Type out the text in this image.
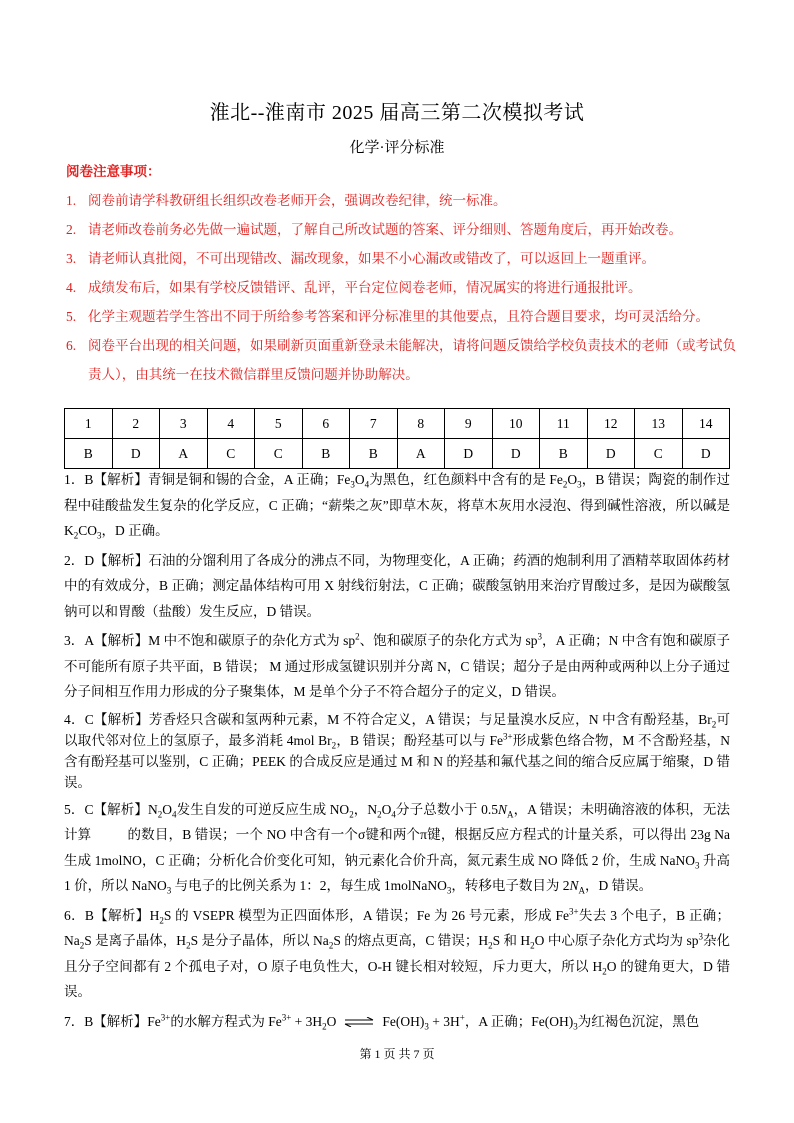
淮北--淮南市 2025 届高三第二次模拟考试
化学·评分标准
阅卷注意事项：
1. 阅卷前请学科教研组长组织改卷老师开会，强调改卷纪律，统一标准。
2. 请老师改卷前务必先做一遍试题，了解自己所改试题的答案、评分细则、答题角度后，再开始改卷。
3. 请老师认真批阅，不可出现错改、漏改现象，如果不小心漏改或错改了，可以返回上一题重评。
4. 成绩发布后，如果有学校反馈错评、乱评，平台定位阅卷老师，情况属实的将进行通报批评。
5. 化学主观题若学生答出不同于所给参考答案和评分标准里的其他要点，且符合题目要求，均可灵活给分。
6. 阅卷平台出现的相关问题，如果刷新页面重新登录未能解决，请将问题反馈给学校负责技术的老师（或考试负责人），由其统一在技术微信群里反馈问题并协助解决。
1	2	3	4	5	6	7	8	9	10	11	12	13	14
B	D	A	C	C	B	B	A	D	D	B	D	C	D

1．B【解析】青铜是铜和锡的合金，A 正确；$Fe_3O_4$为黑色，红色颜料中含有的是 $Fe_2O_3$，B 错误；陶瓷的制作过程中硅酸盐发生复杂的化学反应，C 正确；“薪柴之灰”即草木灰，将草木灰用水浸泡、得到碱性溶液，所以碱是 $K_2CO_3$，D 正确。

2．D【解析】石油的分馏利用了各成分的沸点不同，为物理变化，A 正确；药酒的炮制利用了酒精萃取固体药材中的有效成分，B 正确；测定晶体结构可用 X 射线衍射法，C 正确；碳酸氢钠用来治疗胃酸过多，是因为碳酸氢钠可以和胃酸（盐酸）发生反应，D 错误。

3．A【解析】M 中不饱和碳原子的杂化方式为 $sp^2$、饱和碳原子的杂化方式为 $sp^3$，A 正确；N 中含有饱和碳原子不可能所有原子共平面，B 错误； M 通过形成氢键识别并分离 N，C 错误；超分子是由两种或两种以上分子通过分子间相互作用力形成的分子聚集体，M 是单个分子不符合超分子的定义，D 错误。

4．C【解析】芳香烃只含碳和氢两种元素，M 不符合定义，A 错误；与足量溴水反应，N 中含有酚羟基，$Br_2$可以取代邻对位上的氢原子，最多消耗 4mol $Br_2$，B 错误；酚羟基可以与 $Fe^{3+}$形成紫色络合物，M 不含酚羟基，N 含有酚羟基可以鉴别，C 正确；PEEK 的合成反应是通过 M 和 N 的羟基和氟代基之间的缩合反应属于缩聚，D 错误。

5．C【解析】$N_2O_4$发生自发的可逆反应生成 $NO_2$，$N_2O_4$分子总数小于 $0.5N_A$，A 错误；未明确溶液的体积，无法计算	的数目，B 错误；一个 NO 中含有一个σ键和两个π键，根据反应方程式的计量关系，可以得出 23g Na 生成 1molNO，C 正确；分析化合价变化可知，钠元素化合价升高，氮元素生成 NO 降低 2 价，生成 NaNO$_3$ 升高 1 价，所以 NaNO$_3$ 与电子的比例关系为 1：2，每生成 1molNaNO$_3$，转移电子数目为 $2N_A$，D 错误。

6．B【解析】$H_2S$ 的 VSEPR 模型为正四面体形，A 错误；Fe 为 26 号元素，形成 $Fe^{3+}$失去 3 个电子，B 正确；$Na_2S$ 是离子晶体，$H_2S$ 是分子晶体，所以 $Na_2S$ 的熔点更高，C 错误；$H_2S$ 和 $H_2O$ 中心原子杂化方式均为 $sp^3$杂化且分子空间都有 2 个孤电子对，O 原子电负性大，O-H 键长相对较短，斥力更大，所以 $H_2O$ 的键角更大，D 错误。

7．B【解析】$Fe^{3+}$的水解方程式为 $Fe^{3+} + 3H_2O$ ⇌ $Fe(OH)_3 + 3H^+$，A 正确；$Fe(OH)_3$为红褐色沉淀，黑色

第 1 页 共 7 页
